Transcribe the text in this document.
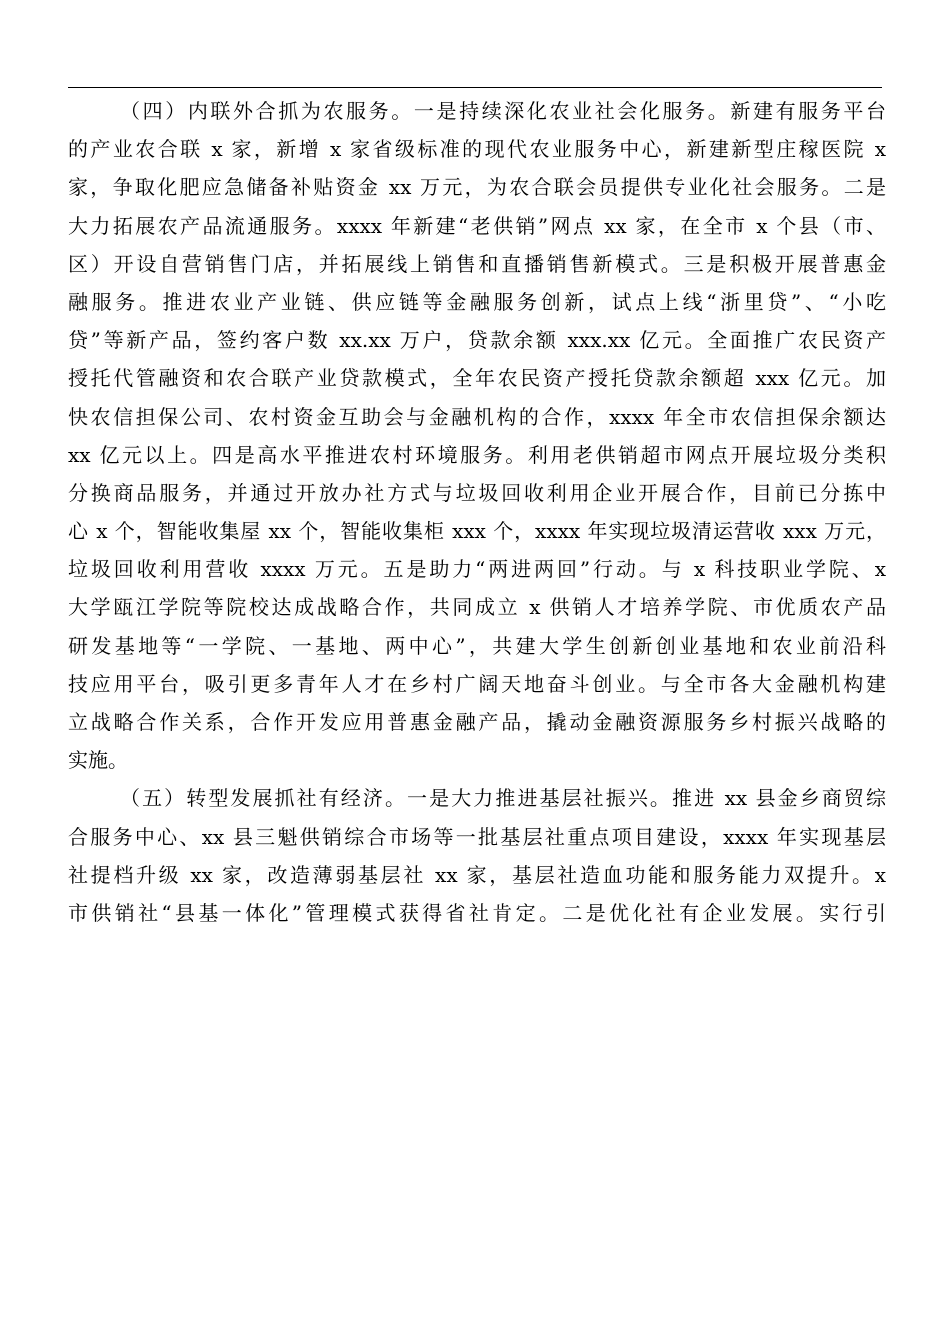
（四）内联外合抓为农服务。一是持续深化农业社会化服务。新建有服务平台
的产业农合联 x 家，新增 x 家省级标准的现代农业服务中心，新建新型庄稼医院 x
家，争取化肥应急储备补贴资金 xx 万元，为农合联会员提供专业化社会服务。二是
大力拓展农产品流通服务。xxxx 年新建“老供销”网点 xx 家，在全市 x 个县（市、
区）开设自营销售门店，并拓展线上销售和直播销售新模式。三是积极开展普惠金
融服务。推进农业产业链、供应链等金融服务创新，试点上线“浙里贷”、“小吃
贷”等新产品，签约客户数 xx.xx 万户，贷款余额 xxx.xx 亿元。全面推广农民资产
授托代管融资和农合联产业贷款模式，全年农民资产授托贷款余额超 xxx 亿元。加
快农信担保公司、农村资金互助会与金融机构的合作，xxxx 年全市农信担保余额达
xx 亿元以上。四是高水平推进农村环境服务。利用老供销超市网点开展垃圾分类积
分换商品服务，并通过开放办社方式与垃圾回收利用企业开展合作，目前已分拣中
心 x 个，智能收集屋 xx 个，智能收集柜 xxx 个，xxxx 年实现垃圾清运营收 xxx 万元，
垃圾回收利用营收 xxxx 万元。五是助力“两进两回”行动。与 x 科技职业学院、x
大学瓯江学院等院校达成战略合作，共同成立 x 供销人才培养学院、市优质农产品
研发基地等“一学院、一基地、两中心”，共建大学生创新创业基地和农业前沿科
技应用平台，吸引更多青年人才在乡村广阔天地奋斗创业。与全市各大金融机构建
立战略合作关系，合作开发应用普惠金融产品，撬动金融资源服务乡村振兴战略的
实施。
（五）转型发展抓社有经济。一是大力推进基层社振兴。推进 xx 县金乡商贸综
合服务中心、xx 县三魁供销综合市场等一批基层社重点项目建设，xxxx 年实现基层
社提档升级 xx 家，改造薄弱基层社 xx 家，基层社造血功能和服务能力双提升。x
市供销社“县基一体化”管理模式获得省社肯定。二是优化社有企业发展。实行引
